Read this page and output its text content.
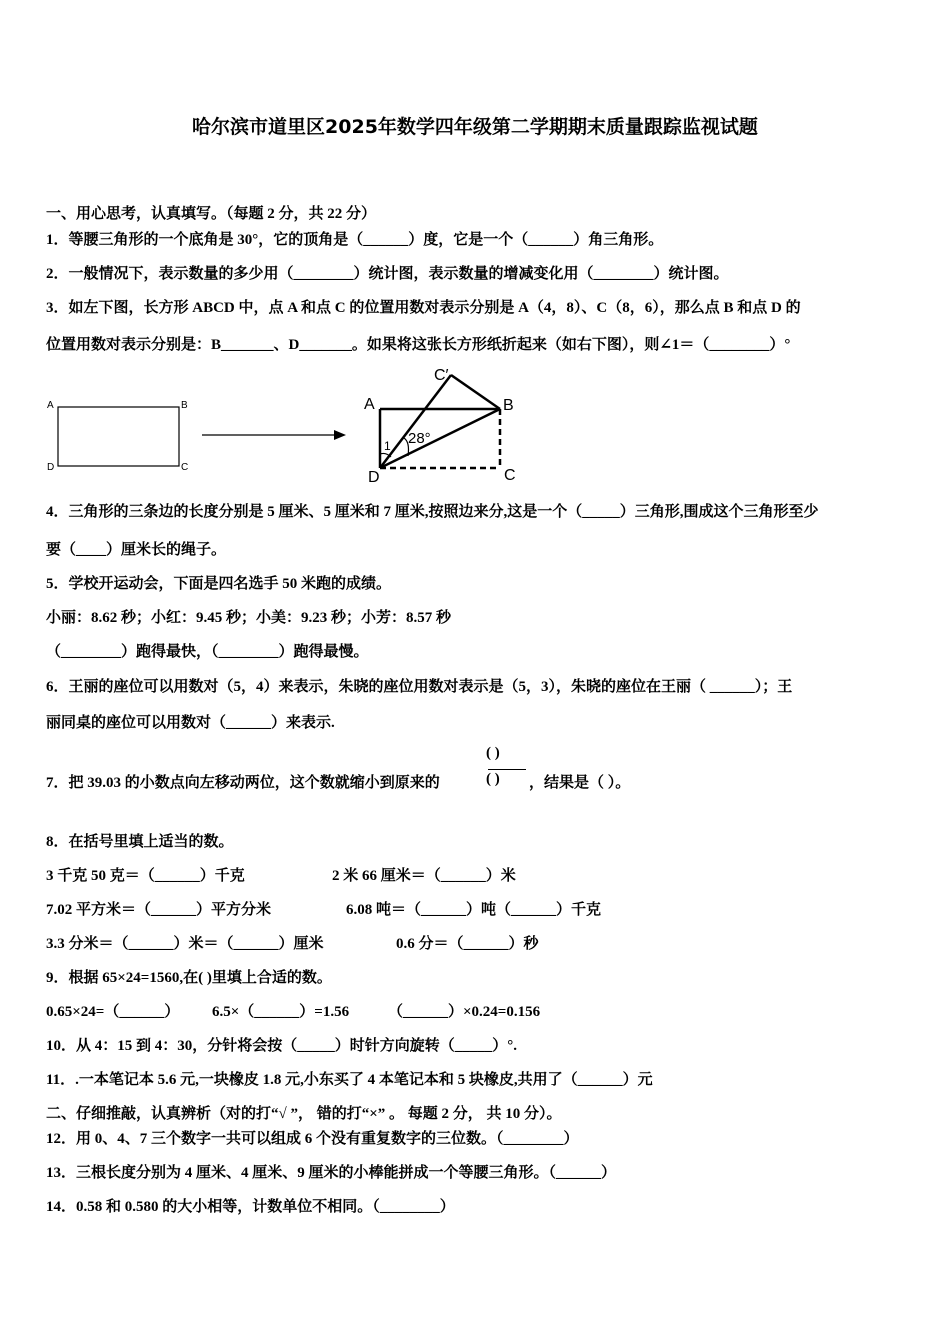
哈尔滨市道里区2025年数学四年级第二学期期末质量跟踪监视试题
一、用心思考，认真填写。（每题 2 分，共 22 分）
1．等腰三角形的一个底角是 30°，它的顶角是（______）度，它是一个（______）角三角形。
2．一般情况下，表示数量的多少用（________）统计图，表示数量的增减变化用（________）统计图。
3．如左下图，长方形 ABCD 中，点 A 和点 C 的位置用数对表示分别是 A（4，8）、C（8，6），那么点 B 和点 D 的
位置用数对表示分别是：B_______、D_______。如果将这张长方形纸折起来（如右下图），则∠1＝（________）°
A	B
C
D
A	B
C
D
C′
28°
1
4．三角形的三条边的长度分别是 5 厘米、5 厘米和 7 厘米,按照边来分,这是一个（_____）三角形,围成这个三角形至少
要（____）厘米长的绳子。
5．学校开运动会，下面是四名选手 50 米跑的成绩。
小丽：8.62 秒；小红：9.45 秒；小美：9.23 秒；小芳：8.57 秒
（________）跑得最快，（________）跑得最慢。
6．王丽的座位可以用数对（5，4）来表示，朱晓的座位用数对表示是（5，3），朱晓的座位在王丽（ ______）；王
丽同桌的座位可以用数对（______）来表示.
7．把 39.03 的小数点向左移动两位，这个数就缩小到原来的
( )
( ) ，结果是（ ）。
8．在括号里填上适当的数。
3 千克 50 克＝（______）千克	2 米 66 厘米＝（______）米
7.02 平方米＝（______）平方分米	6.08 吨＝（______）吨（______）千克
3.3 分米＝（______）米＝（______）厘米	0.6 分＝（______）秒
9．根据 65×24=1560,在( )里填上合适的数。
0.65×24=（______） 6.5×（______）=1.56	（______）×0.24=0.156
10．从 4：15 到 4：30，分针将会按（_____）时针方向旋转（_____）°.
11．.一本笔记本 5.6 元,一块橡皮 1.8 元,小东买了 4 本笔记本和 5 块橡皮,共用了（______）元
二、仔细推敲，认真辨析（对的打“√ ”， 错的打“×” 。 每题 2 分， 共 10 分）。
12．用 0、4、7 三个数字一共可以组成 6 个没有重复数字的三位数。（________）
13．三根长度分别为 4 厘米、4 厘米、9 厘米的小棒能拼成一个等腰三角形。（______）
14．0.58 和 0.580 的大小相等，计数单位不相同。（________）
